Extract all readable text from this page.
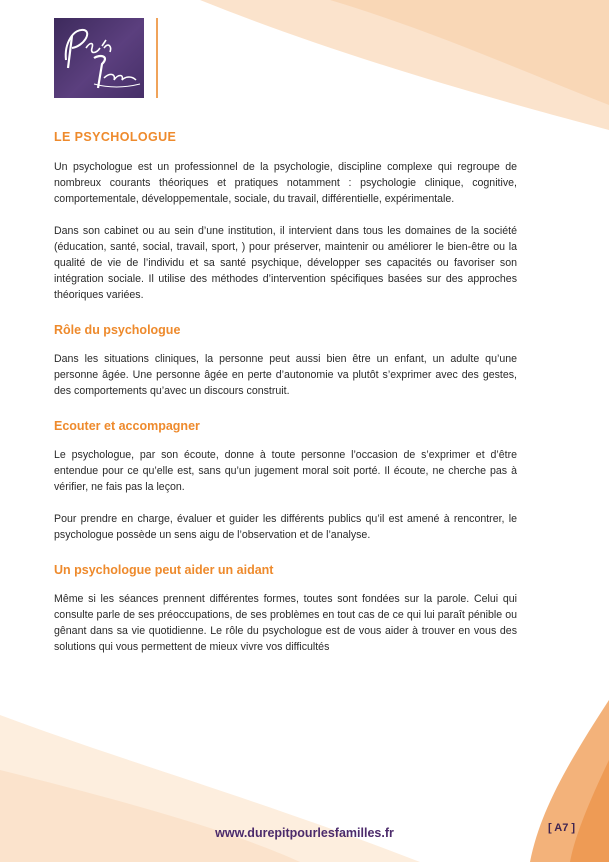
LE PSYCHOLOGUE

Un psychologue est un professionnel de la psychologie, discipline complexe qui regroupe de nombreux courants théoriques et pratiques notamment : psychologie clinique, cognitive, comportementale, développementale, sociale, du travail, différentielle, expérimentale.

Dans son cabinet ou au sein d’une institution, il intervient dans tous les domaines de la société (éducation, santé, social, travail, sport, ) pour préserver, maintenir ou améliorer le bien-être ou la qualité de vie de l’individu et sa santé psychique, développer ses capacités ou favoriser son intégration sociale. Il utilise des méthodes d’intervention spécifiques basées sur des approches théoriques variées.

Rôle du psychologue

Dans les situations cliniques, la personne peut aussi bien être un enfant, un adulte qu’une personne âgée. Une personne âgée en perte d’autonomie va plutôt s’exprimer avec des gestes, des comportements qu’avec un discours construit.

Ecouter et accompagner

Le psychologue, par son écoute, donne à toute personne l’occasion de s’exprimer et d’être entendue pour ce qu’elle est, sans qu’un jugement moral soit porté. Il écoute, ne cherche pas à vérifier, ne fais pas la leçon.

Pour prendre en charge, évaluer et guider les différents publics qu’il est amené à rencontrer, le psychologue possède un sens aigu de l’observation et de l’analyse.

Un psychologue peut aider un aidant

Même si les séances prennent différentes formes, toutes sont fondées sur la parole. Celui qui consulte parle de ses préoccupations, de ses problèmes en tout cas de ce qui lui paraît pénible ou gênant dans sa vie quotidienne. Le rôle du psychologue est de vous aider à trouver en vous des solutions qui vous permettent de mieux vivre vos difficultés

www.durepitpourlesfamilles.fr	[ A7 ]
